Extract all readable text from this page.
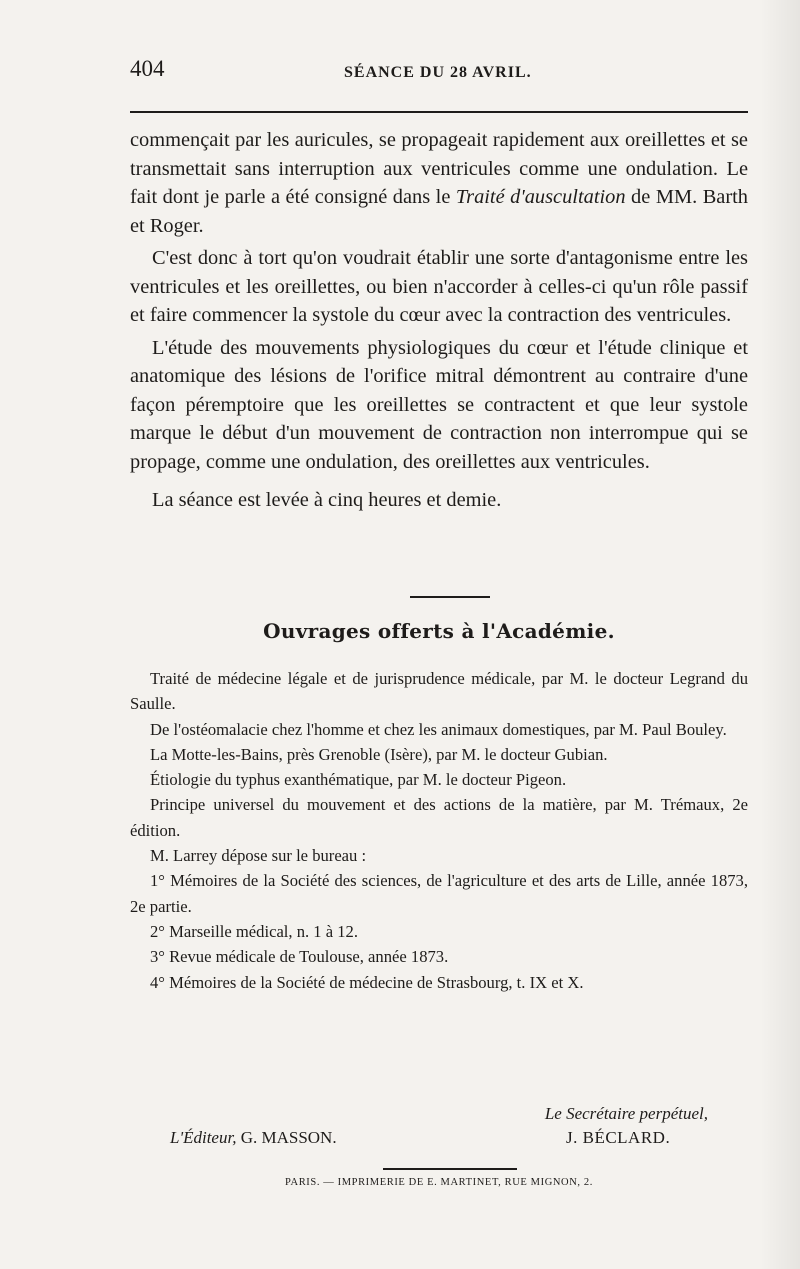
404	SÉANCE DU 28 AVRIL.

commençait par les auricules, se propageait rapidement aux oreillettes et se transmettait sans interruption aux ventricules comme une ondulation. Le fait dont je parle a été consigné dans le Traité d'auscultation de MM. Barth et Roger.

C'est donc à tort qu'on voudrait établir une sorte d'antagonisme entre les ventricules et les oreillettes, ou bien n'accorder à celles-ci qu'un rôle passif et faire commencer la systole du cœur avec la contraction des ventricules.

L'étude des mouvements physiologiques du cœur et l'étude clinique et anatomique des lésions de l'orifice mitral démontrent au contraire d'une façon péremptoire que les oreillettes se contractent et que leur systole marque le début d'un mouvement de contraction non interrompue qui se propage, comme une ondulation, des oreillettes aux ventricules.

La séance est levée à cinq heures et demie.

Ouvrages offerts à l'Académie.

Traité de médecine légale et de jurisprudence médicale, par M. le docteur Legrand du Saulle.

De l'ostéomalacie chez l'homme et chez les animaux domestiques, par M. Paul Bouley.

La Motte-les-Bains, près Grenoble (Isère), par M. le docteur Gubian.

Étiologie du typhus exanthématique, par M. le docteur Pigeon.

Principe universel du mouvement et des actions de la matière, par M. Trémaux, 2e édition.

M. Larrey dépose sur le bureau :

1° Mémoires de la Société des sciences, de l'agriculture et des arts de Lille, année 1873, 2e partie.

2° Marseille médical, n. 1 à 12.

3° Revue médicale de Toulouse, année 1873.

4° Mémoires de la Société de médecine de Strasbourg, t. IX et X.

Le Secrétaire perpétuel,
L'Éditeur, G. MASSON.	J. BÉCLARD.
PARIS. — IMPRIMERIE DE E. MARTINET, RUE MIGNON, 2.
